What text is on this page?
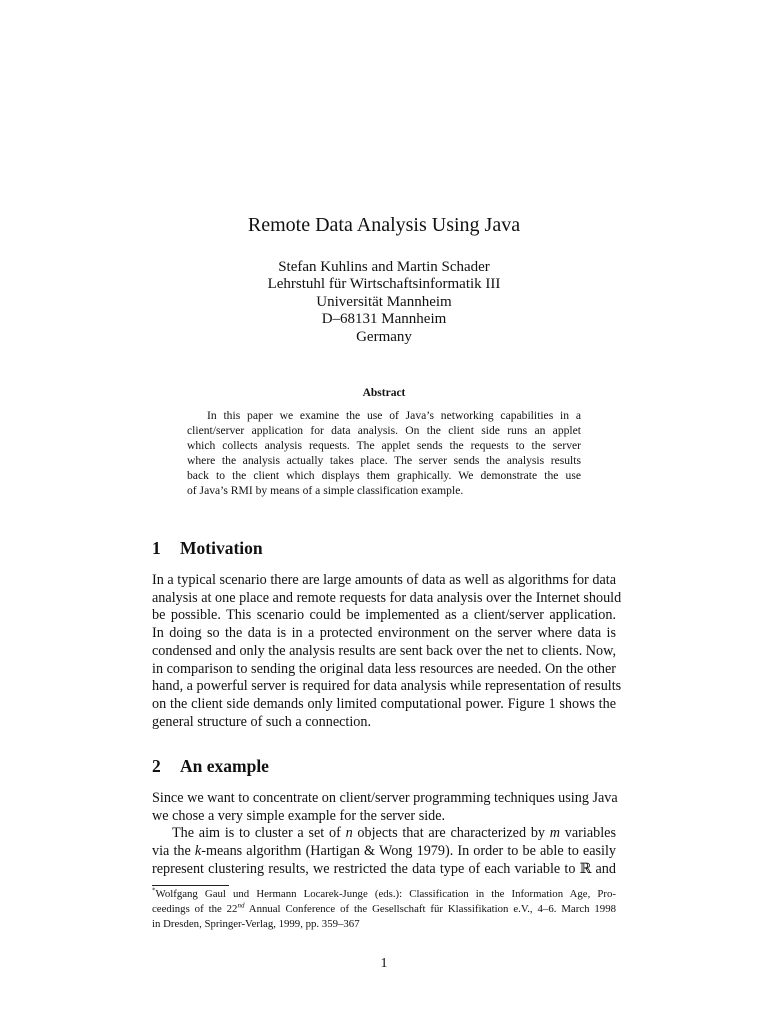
Remote Data Analysis Using Java
Stefan Kuhlins and Martin Schader
Lehrstuhl für Wirtschaftsinformatik III
Universität Mannheim
D–68131 Mannheim
Germany
Abstract
In this paper we examine the use of Java’s networking capabilities in a
client/server application for data analysis. On the client side runs an applet
which collects analysis requests. The applet sends the requests to the server
where the analysis actually takes place. The server sends the analysis results
back to the client which displays them graphically. We demonstrate the use
of Java’s RMI by means of a simple classification example.
1 Motivation
In a typical scenario there are large amounts of data as well as algorithms for data
analysis at one place and remote requests for data analysis over the Internet should
be possible. This scenario could be implemented as a client/server application.
In doing so the data is in a protected environment on the server where data is
condensed and only the analysis results are sent back over the net to clients. Now,
in comparison to sending the original data less resources are needed. On the other
hand, a powerful server is required for data analysis while representation of results
on the client side demands only limited computational power. Figure 1 shows the
general structure of such a connection.
2 An example
Since we want to concentrate on client/server programming techniques using Java
we chose a very simple example for the server side.
The aim is to cluster a set of n objects that are characterized by m variables
via the k-means algorithm (Hartigan & Wong 1979). In order to be able to easily
represent clustering results, we restricted the data type of each variable to ℝ and
*Wolfgang Gaul und Hermann Locarek-Junge (eds.): Classification in the Information Age, Pro-
ceedings of the 22nd Annual Conference of the Gesellschaft für Klassifikation e.V., 4–6. March 1998
in Dresden, Springer-Verlag, 1999, pp. 359–367
1
